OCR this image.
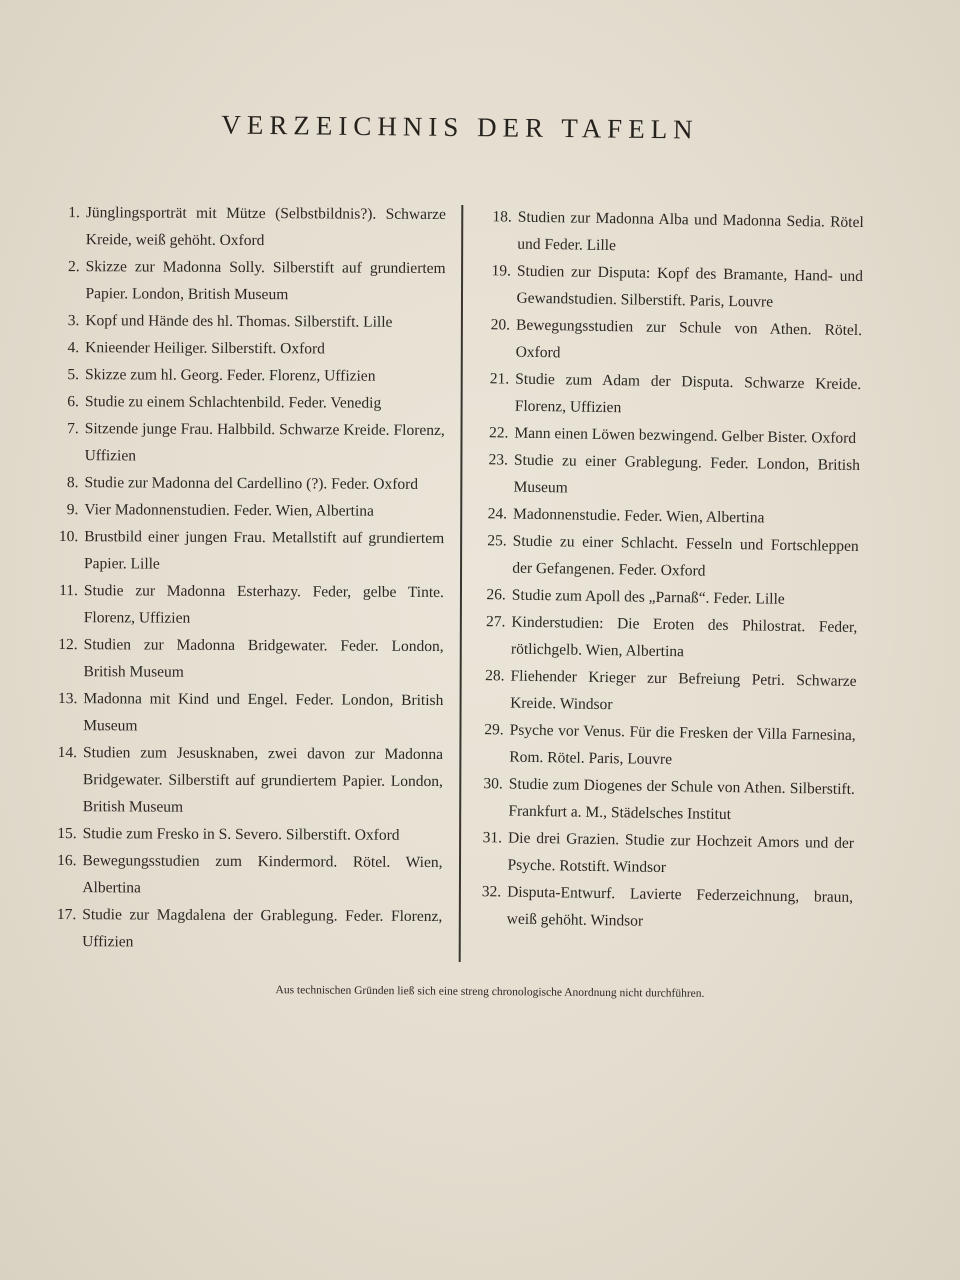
VERZEICHNIS DER TAFELN
1. Jünglingsporträt mit Mütze (Selbstbildnis?). Schwarze Kreide, weiß gehöht. Oxford
2. Skizze zur Madonna Solly. Silberstift auf grundiertem Papier. London, British Museum
3. Kopf und Hände des hl. Thomas. Silberstift. Lille
4. Knieender Heiliger. Silberstift. Oxford
5. Skizze zum hl. Georg. Feder. Florenz, Uffizien
6. Studie zu einem Schlachtenbild. Feder. Venedig
7. Sitzende junge Frau. Halbbild. Schwarze Kreide. Florenz, Uffizien
8. Studie zur Madonna del Cardellino (?). Feder. Oxford
9. Vier Madonnenstudien. Feder. Wien, Albertina
10. Brustbild einer jungen Frau. Metallstift auf grundiertem Papier. Lille
11. Studie zur Madonna Esterhazy. Feder, gelbe Tinte. Florenz, Uffizien
12. Studien zur Madonna Bridgewater. Feder. London, British Museum
13. Madonna mit Kind und Engel. Feder. London, British Museum
14. Studien zum Jesusknaben, zwei davon zur Madonna Bridgewater. Silberstift auf grundiertem Papier. London, British Museum
15. Studie zum Fresko in S. Severo. Silberstift. Oxford
16. Bewegungsstudien zum Kindermord. Rötel. Wien, Albertina
17. Studie zur Magdalena der Grablegung. Feder. Florenz, Uffizien
18. Studien zur Madonna Alba und Madonna Sedia. Rötel und Feder. Lille
19. Studien zur Disputa: Kopf des Bramante, Hand- und Gewandstudien. Silberstift. Paris, Louvre
20. Bewegungsstudien zur Schule von Athen. Rötel. Oxford
21. Studie zum Adam der Disputa. Schwarze Kreide. Florenz, Uffizien
22. Mann einen Löwen bezwingend. Gelber Bister. Oxford
23. Studie zu einer Grablegung. Feder. London, British Museum
24. Madonnenstudie. Feder. Wien, Albertina
25. Studie zu einer Schlacht. Fesseln und Fortschleppen der Gefangenen. Feder. Oxford
26. Studie zum Apoll des „Parnaß“. Feder. Lille
27. Kinderstudien: Die Eroten des Philostrat. Feder, rötlichgelb. Wien, Albertina
28. Fliehender Krieger zur Befreiung Petri. Schwarze Kreide. Windsor
29. Psyche vor Venus. Für die Fresken der Villa Farnesina, Rom. Rötel. Paris, Louvre
30. Studie zum Diogenes der Schule von Athen. Silberstift. Frankfurt a. M., Städelsches Institut
31. Die drei Grazien. Studie zur Hochzeit Amors und der Psyche. Rotstift. Windsor
32. Disputa-Entwurf. Lavierte Federzeichnung, braun, weiß gehöht. Windsor
Aus technischen Gründen ließ sich eine streng chronologische Anordnung nicht durchführen.
